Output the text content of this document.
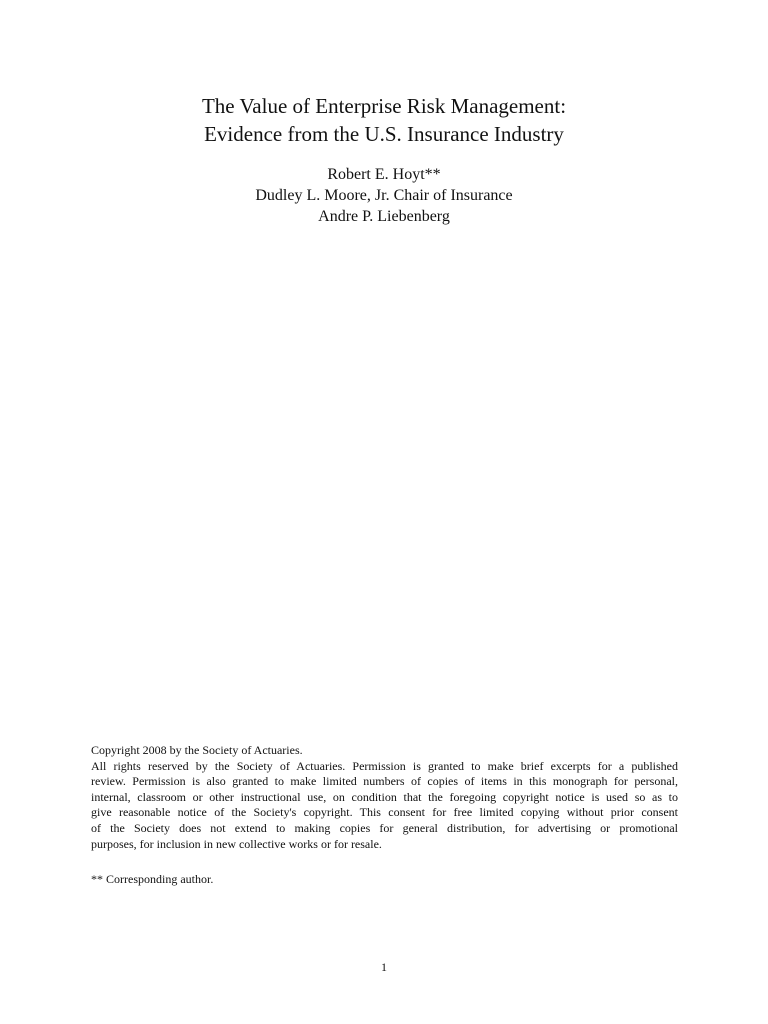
The Value of Enterprise Risk Management:

Evidence from the U.S. Insurance Industry

Robert E. Hoyt**

Dudley L. Moore, Jr. Chair of Insurance

Andre P. Liebenberg

Copyright 2008 by the Society of Actuaries.
All rights reserved by the Society of Actuaries. Permission is granted to make brief excerpts for a published
review. Permission is also granted to make limited numbers of copies of items in this monograph for personal,
internal, classroom or other instructional use, on condition that the foregoing copyright notice is used so as to
give reasonable notice of the Society's copyright. This consent for free limited copying without prior consent
of the Society does not extend to making copies for general distribution, for advertising or promotional
purposes, for inclusion in new collective works or for resale.

** Corresponding author.

1
